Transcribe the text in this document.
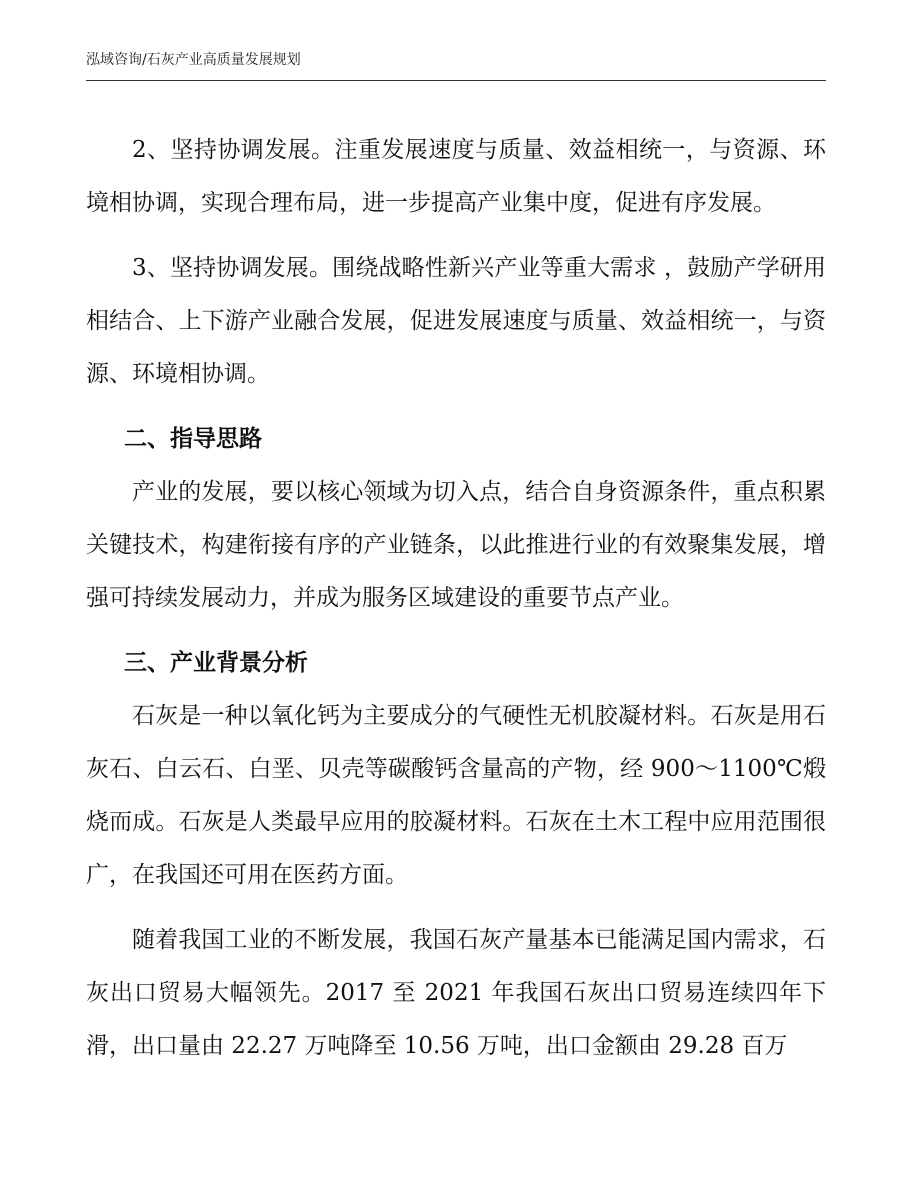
泓域咨询/石灰产业高质量发展规划

2、坚持协调发展。注重发展速度与质量、效益相统一，与资源、环境相协调，实现合理布局，进一步提高产业集中度，促进有序发展。

3、坚持协调发展。围绕战略性新兴产业等重大需求 ，鼓励产学研用相结合、上下游产业融合发展，促进发展速度与质量、效益相统一，与资源、环境相协调。

二、指导思路

产业的发展，要以核心领域为切入点，结合自身资源条件，重点积累关键技术，构建衔接有序的产业链条，以此推进行业的有效聚集发展，增强可持续发展动力，并成为服务区域建设的重要节点产业。

三、产业背景分析

石灰是一种以氧化钙为主要成分的气硬性无机胶凝材料。石灰是用石灰石、白云石、白垩、贝壳等碳酸钙含量高的产物，经 900～1100℃煅烧而成。石灰是人类最早应用的胶凝材料。石灰在土木工程中应用范围很广，在我国还可用在医药方面。

随着我国工业的不断发展，我国石灰产量基本已能满足国内需求，石灰出口贸易大幅领先。2017 至 2021 年我国石灰出口贸易连续四年下滑，出口量由 22.27 万吨降至 10.56 万吨，出口金额由 29.28 百万
